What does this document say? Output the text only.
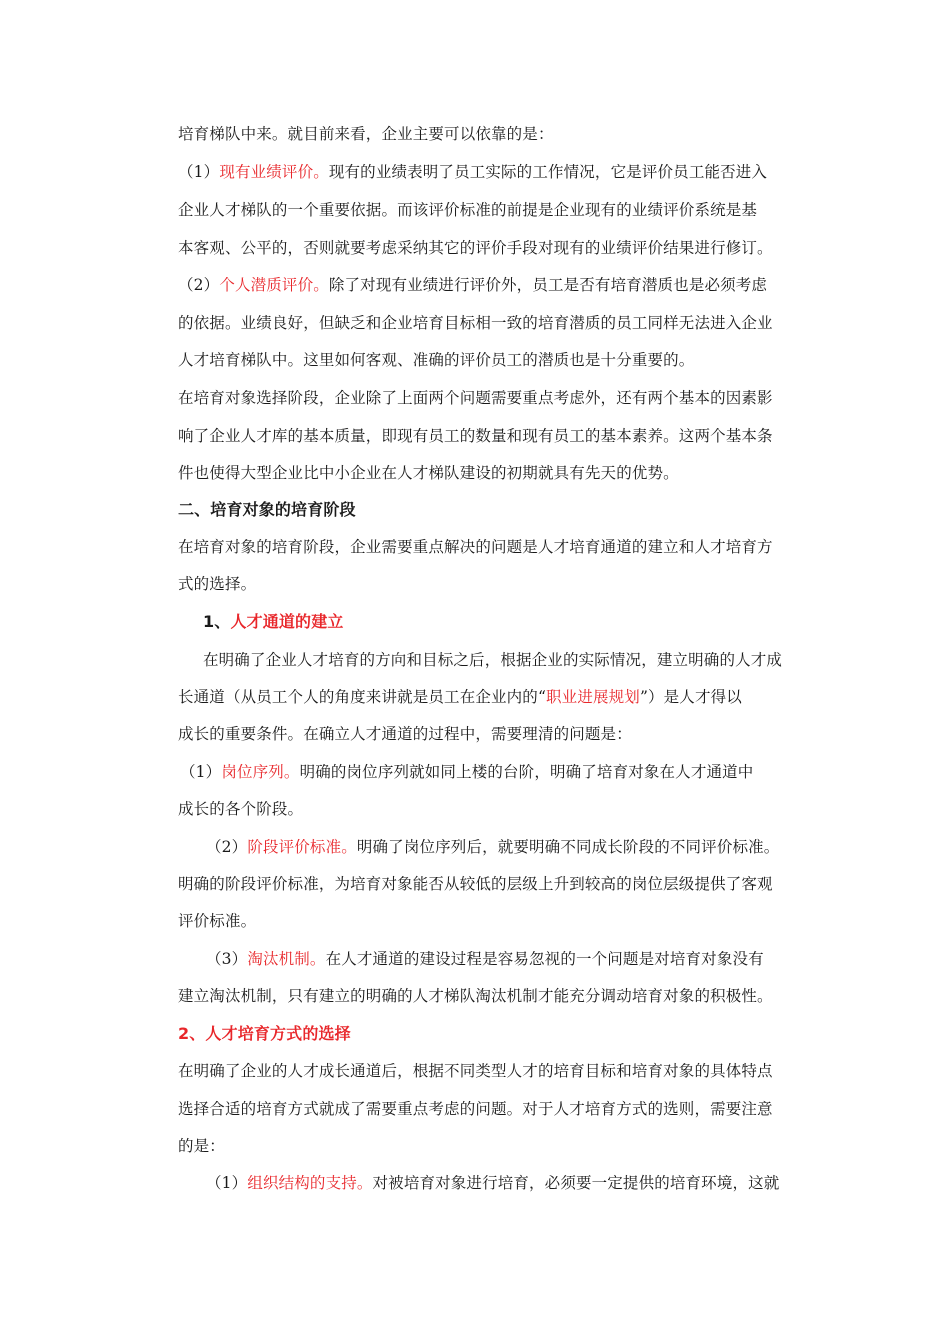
培育梯队中来。就目前来看，企业主要可以依靠的是：
（1）现有业绩评价。现有的业绩表明了员工实际的工作情况，它是评价员工能否进入
企业人才梯队的一个重要依据。而该评价标准的前提是企业现有的业绩评价系统是基
本客观、公平的，否则就要考虑采纳其它的评价手段对现有的业绩评价结果进行修订。
（2）个人潜质评价。除了对现有业绩进行评价外，员工是否有培育潜质也是必须考虑
的依据。业绩良好，但缺乏和企业培育目标相一致的培育潜质的员工同样无法进入企业
人才培育梯队中。这里如何客观、准确的评价员工的潜质也是十分重要的。
在培育对象选择阶段，企业除了上面两个问题需要重点考虑外，还有两个基本的因素影
响了企业人才库的基本质量，即现有员工的数量和现有员工的基本素养。这两个基本条
件也使得大型企业比中小企业在人才梯队建设的初期就具有先天的优势。
二、培育对象的培育阶段
在培育对象的培育阶段，企业需要重点解决的问题是人才培育通道的建立和人才培育方
式的选择。
1、人才通道的建立
在明确了企业人才培育的方向和目标之后，根据企业的实际情况，建立明确的人才成
长通道（从员工个人的角度来讲就是员工在企业内的“职业进展规划”）是人才得以
成长的重要条件。在确立人才通道的过程中，需要理清的问题是：
（1）岗位序列。明确的岗位序列就如同上楼的台阶，明确了培育对象在人才通道中
成长的各个阶段。
（2）阶段评价标准。明确了岗位序列后，就要明确不同成长阶段的不同评价标准。
明确的阶段评价标准，为培育对象能否从较低的层级上升到较高的岗位层级提供了客观
评价标准。
（3）淘汰机制。在人才通道的建设过程是容易忽视的一个问题是对培育对象没有
建立淘汰机制，只有建立的明确的人才梯队淘汰机制才能充分调动培育对象的积极性。
2、人才培育方式的选择
在明确了企业的人才成长通道后，根据不同类型人才的培育目标和培育对象的具体特点
选择合适的培育方式就成了需要重点考虑的问题。对于人才培育方式的选则，需要注意
的是：
（1）组织结构的支持。对被培育对象进行培育，必须要一定提供的培育环境，这就
